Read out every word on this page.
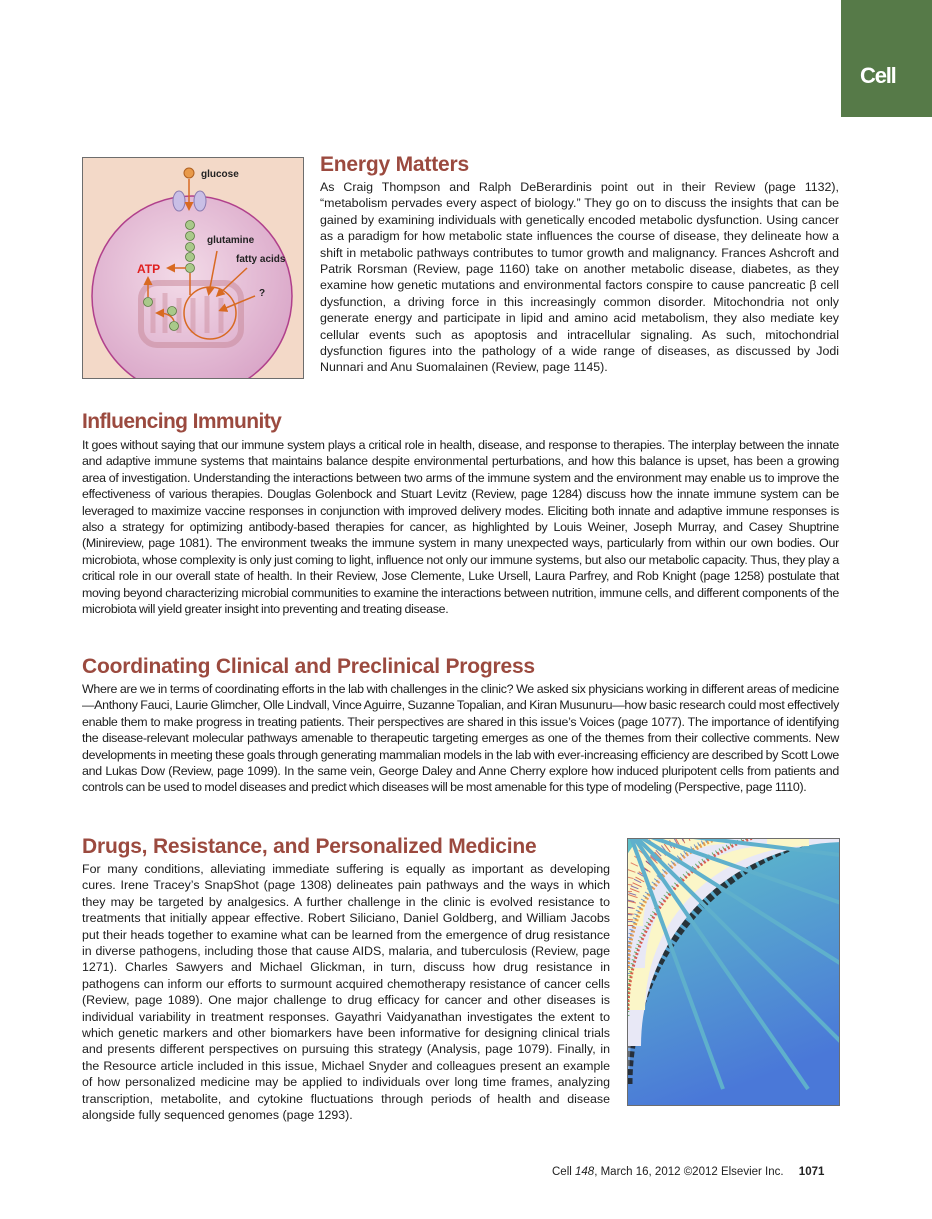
Cell
glucose
ATP
glutamine
fatty acids
?
Energy Matters

As Craig Thompson and Ralph DeBerardinis point out in their Review (page 1132), “metabolism pervades every aspect of biology.” They go on to discuss the insights that can be gained by examining individuals with genetically encoded metabolic dysfunction. Using cancer as a paradigm for how metabolic state influences the course of disease, they delineate how a shift in metabolic pathways contributes to tumor growth and malignancy. Frances Ashcroft and Patrik Rorsman (Review, page 1160) take on another metabolic disease, diabetes, as they examine how genetic mutations and environmental factors conspire to cause pancreatic β cell dysfunction, a driving force in this increasingly common disorder. Mitochondria not only generate energy and participate in lipid and amino acid metabolism, they also mediate key cellular events such as apoptosis and intracellular signaling. As such, mitochondrial dysfunction figures into the pathology of a wide range of diseases, as discussed by Jodi Nunnari and Anu Suomalainen (Review, page 1145).

Influencing Immunity

It goes without saying that our immune system plays a critical role in health, disease, and response to therapies. The interplay between the innate and adaptive immune systems that maintains balance despite environmental perturbations, and how this balance is upset, has been a growing area of investigation. Understanding the interactions between two arms of the immune system and the environment may enable us to improve the effectiveness of various therapies. Douglas Golenbock and Stuart Levitz (Review, page 1284) discuss how the innate immune system can be leveraged to maximize vaccine responses in conjunction with improved delivery modes. Eliciting both innate and adaptive immune responses is also a strategy for optimizing antibody-based therapies for cancer, as highlighted by Louis Weiner, Joseph Murray, and Casey Shuptrine (Minireview, page 1081). The environment tweaks the immune system in many unexpected ways, particularly from within our own bodies. Our microbiota, whose complexity is only just coming to light, influence not only our immune systems, but also our metabolic capacity. Thus, they play a critical role in our overall state of health. In their Review, Jose Clemente, Luke Ursell, Laura Parfrey, and Rob Knight (page 1258) postulate that moving beyond characterizing microbial communities to examine the interactions between nutrition, immune cells, and different components of the microbiota will yield greater insight into preventing and treating disease.

Coordinating Clinical and Preclinical Progress

Where are we in terms of coordinating efforts in the lab with challenges in the clinic? We asked six physicians working in different areas of medicine—Anthony Fauci, Laurie Glimcher, Olle Lindvall, Vince Aguirre, Suzanne Topalian, and Kiran Musunuru—how basic research could most effectively enable them to make progress in treating patients. Their perspectives are shared in this issue’s Voices (page 1077). The importance of identifying the disease-relevant molecular pathways amenable to therapeutic targeting emerges as one of the themes from their collective comments. New developments in meeting these goals through generating mammalian models in the lab with ever-increasing efficiency are described by Scott Lowe and Lukas Dow (Review, page 1099). In the same vein, George Daley and Anne Cherry explore how induced pluripotent cells from patients and controls can be used to model diseases and predict which diseases will be most amenable for this type of modeling (Perspective, page 1110).

Drugs, Resistance, and Personalized Medicine

For many conditions, alleviating immediate suffering is equally as important as developing cures. Irene Tracey’s SnapShot (page 1308) delineates pain pathways and the ways in which they may be targeted by analgesics. A further challenge in the clinic is evolved resistance to treatments that initially appear effective. Robert Siliciano, Daniel Goldberg, and William Jacobs put their heads together to examine what can be learned from the emergence of drug resistance in diverse pathogens, including those that cause AIDS, malaria, and tuberculosis (Review, page 1271). Charles Sawyers and Michael Glickman, in turn, discuss how drug resistance in pathogens can inform our efforts to surmount acquired chemotherapy resistance of cancer cells (Review, page 1089). One major challenge to drug efficacy for cancer and other diseases is individual variability in treatment responses. Gayathri Vaidyanathan investigates the extent to which genetic markers and other biomarkers have been informative for designing clinical trials and presents different perspectives on pursuing this strategy (Analysis, page 1079). Finally, in the Resource article included in this issue, Michael Snyder and colleagues present an example of how personalized medicine may be applied to individuals over long time frames, analyzing transcription, metabolite, and cytokine fluctuations through periods of health and disease alongside fully sequenced genomes (page 1293).

Cell 148, March 16, 2012 ©2012 Elsevier Inc. 1071
